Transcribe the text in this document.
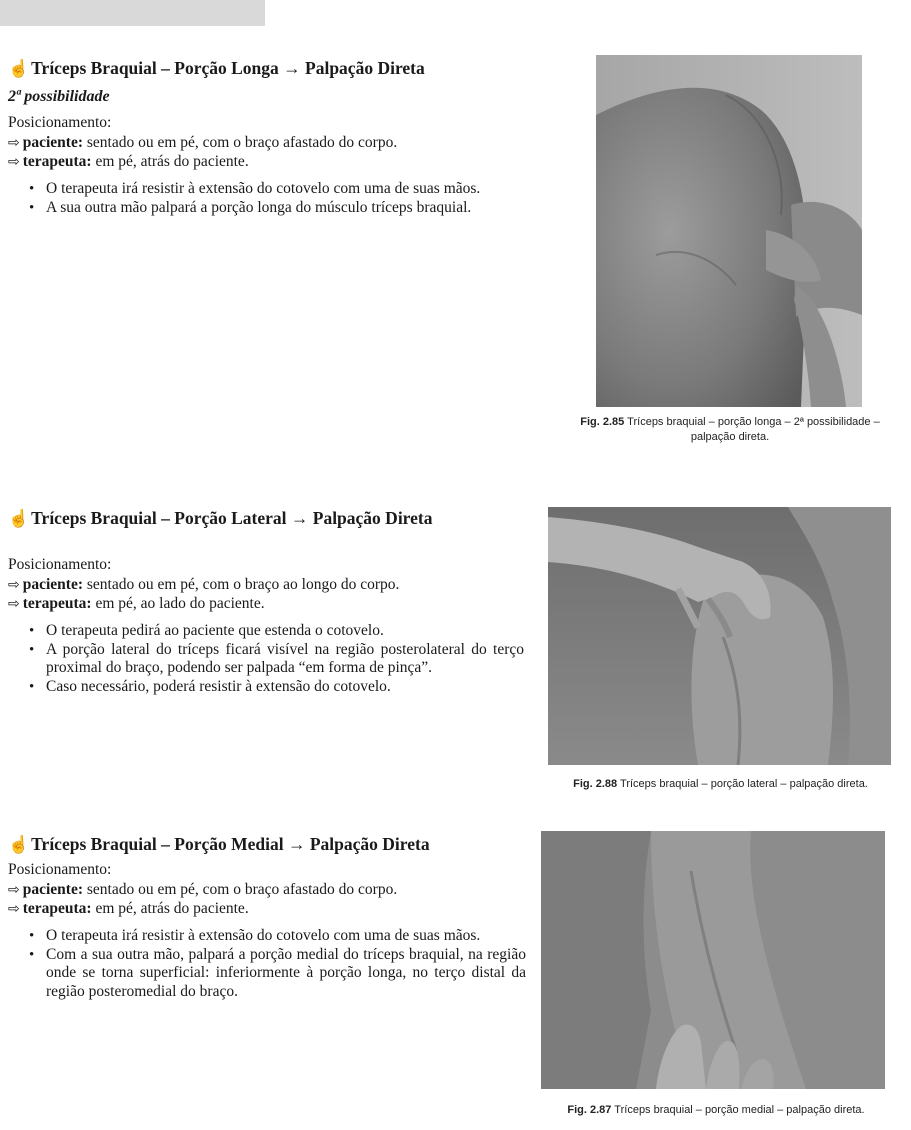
☝ Tríceps Braquial – Porção Longa → Palpação Direta

2ª possibilidade
Posicionamento:
⇨ paciente: sentado ou em pé, com o braço afastado do corpo.
⇨ terapeuta: em pé, atrás do paciente.
• O terapeuta irá resistir à extensão do cotovelo com uma de suas mãos.
• A sua outra mão palpará a porção longa do músculo tríceps braquial.
Fig. 2.85 Tríceps braquial – porção longa – 2ª possibilidade –
palpação direta.

☝ Tríceps Braquial – Porção Lateral → Palpação Direta

Posicionamento:
⇨ paciente: sentado ou em pé, com o braço ao longo do corpo.
⇨ terapeuta: em pé, ao lado do paciente.
• O terapeuta pedirá ao paciente que estenda o cotovelo.
• A porção lateral do tríceps ficará visível na região posterolateral do terço proximal do braço, podendo ser palpada “em forma de pinça”.
• Caso necessário, poderá resistir à extensão do cotovelo.
Fig. 2.88 Tríceps braquial – porção lateral – palpação direta.

☝ Tríceps Braquial – Porção Medial → Palpação Direta

Posicionamento:
⇨ paciente: sentado ou em pé, com o braço afastado do corpo.
⇨ terapeuta: em pé, atrás do paciente.
• O terapeuta irá resistir à extensão do cotovelo com uma de suas mãos.
• Com a sua outra mão, palpará a porção medial do tríceps braquial, na região onde se torna superficial: inferiormente à porção longa, no terço distal da região posteromedial do braço.
Fig. 2.87 Tríceps braquial – porção medial – palpação direta.
